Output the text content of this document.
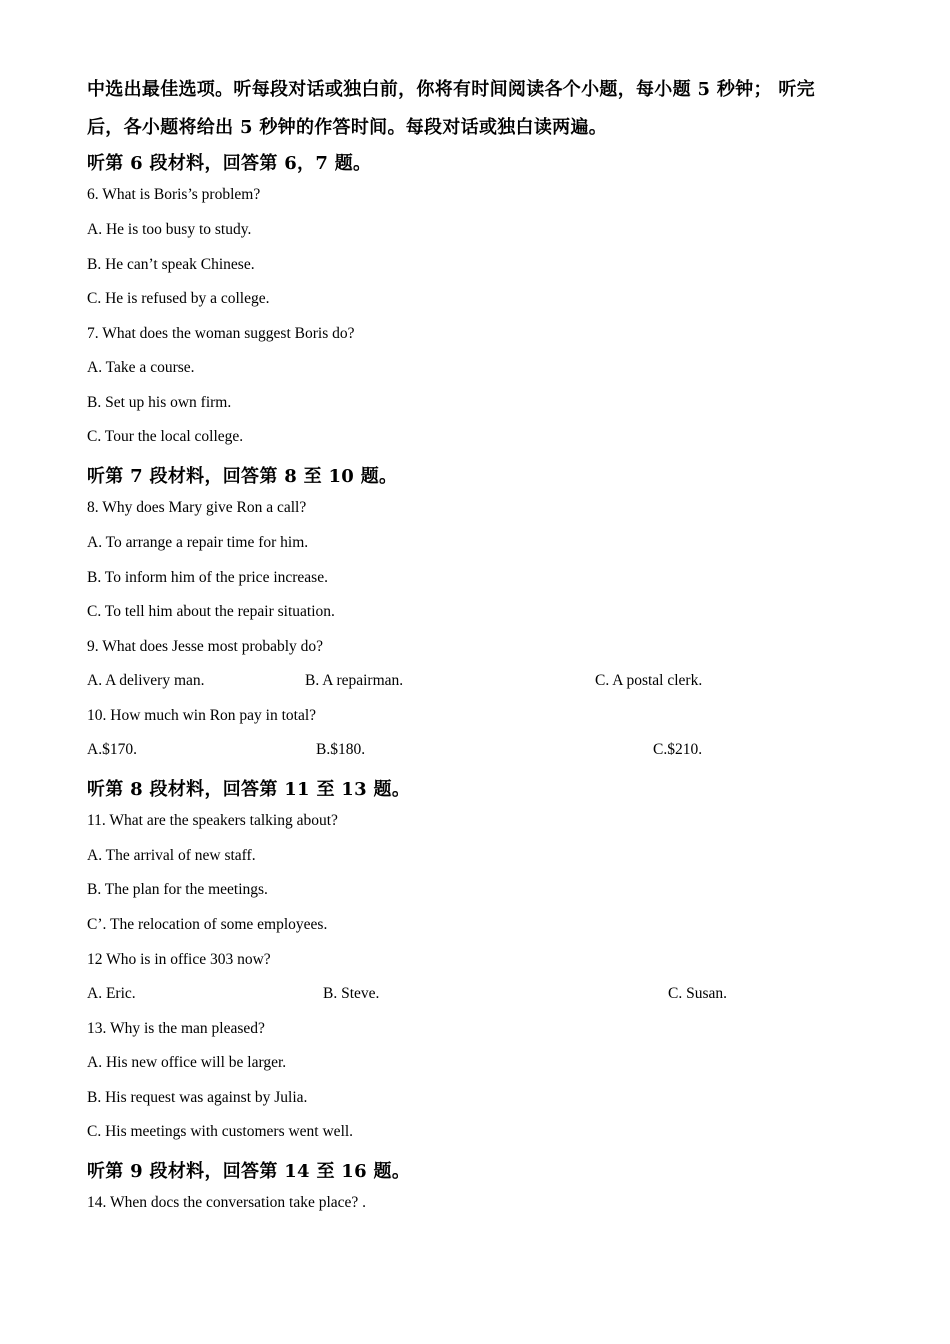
中选出最佳选项。听每段对话或独白前，你将有时间阅读各个小题，每小题 5 秒钟； 听完
后，各小题将给出 5 秒钟的作答时间。每段对话或独白读两遍。
听第 6 段材料，回答第 6，7 题。
6. What is Boris’s problem?
A. He is too busy to study.
B. He can’t speak Chinese.
C. He is refused by a college.
7. What does the woman suggest Boris do?
A. Take a course.
B. Set up his own firm.
C. Tour the local college.
听第 7 段材料，回答第 8 至 10 题。
8. Why does Mary give Ron a call?
A. To arrange a repair time for him.
B. To inform him of the price increase.
C. To tell him about the repair situation.
9. What does Jesse most probably do?
A. A delivery man.	B. A repairman.	C. A postal clerk.
10. How much win Ron pay in total?
A.$170.	B.$180.	C.$210.
听第 8 段材料，回答第 11 至 13 题。
11. What are the speakers talking about?
A. The arrival of new staff.
B. The plan for the meetings.
C’. The relocation of some employees.
12 Who is in office 303 now?
A. Eric.	B. Steve.	C. Susan.
13. Why is the man pleased?
A. His new office will be larger.
B. His request was against by Julia.
C. His meetings with customers went well.
听第 9 段材料，回答第 14 至 16 题。
14. When docs the conversation take place? .
